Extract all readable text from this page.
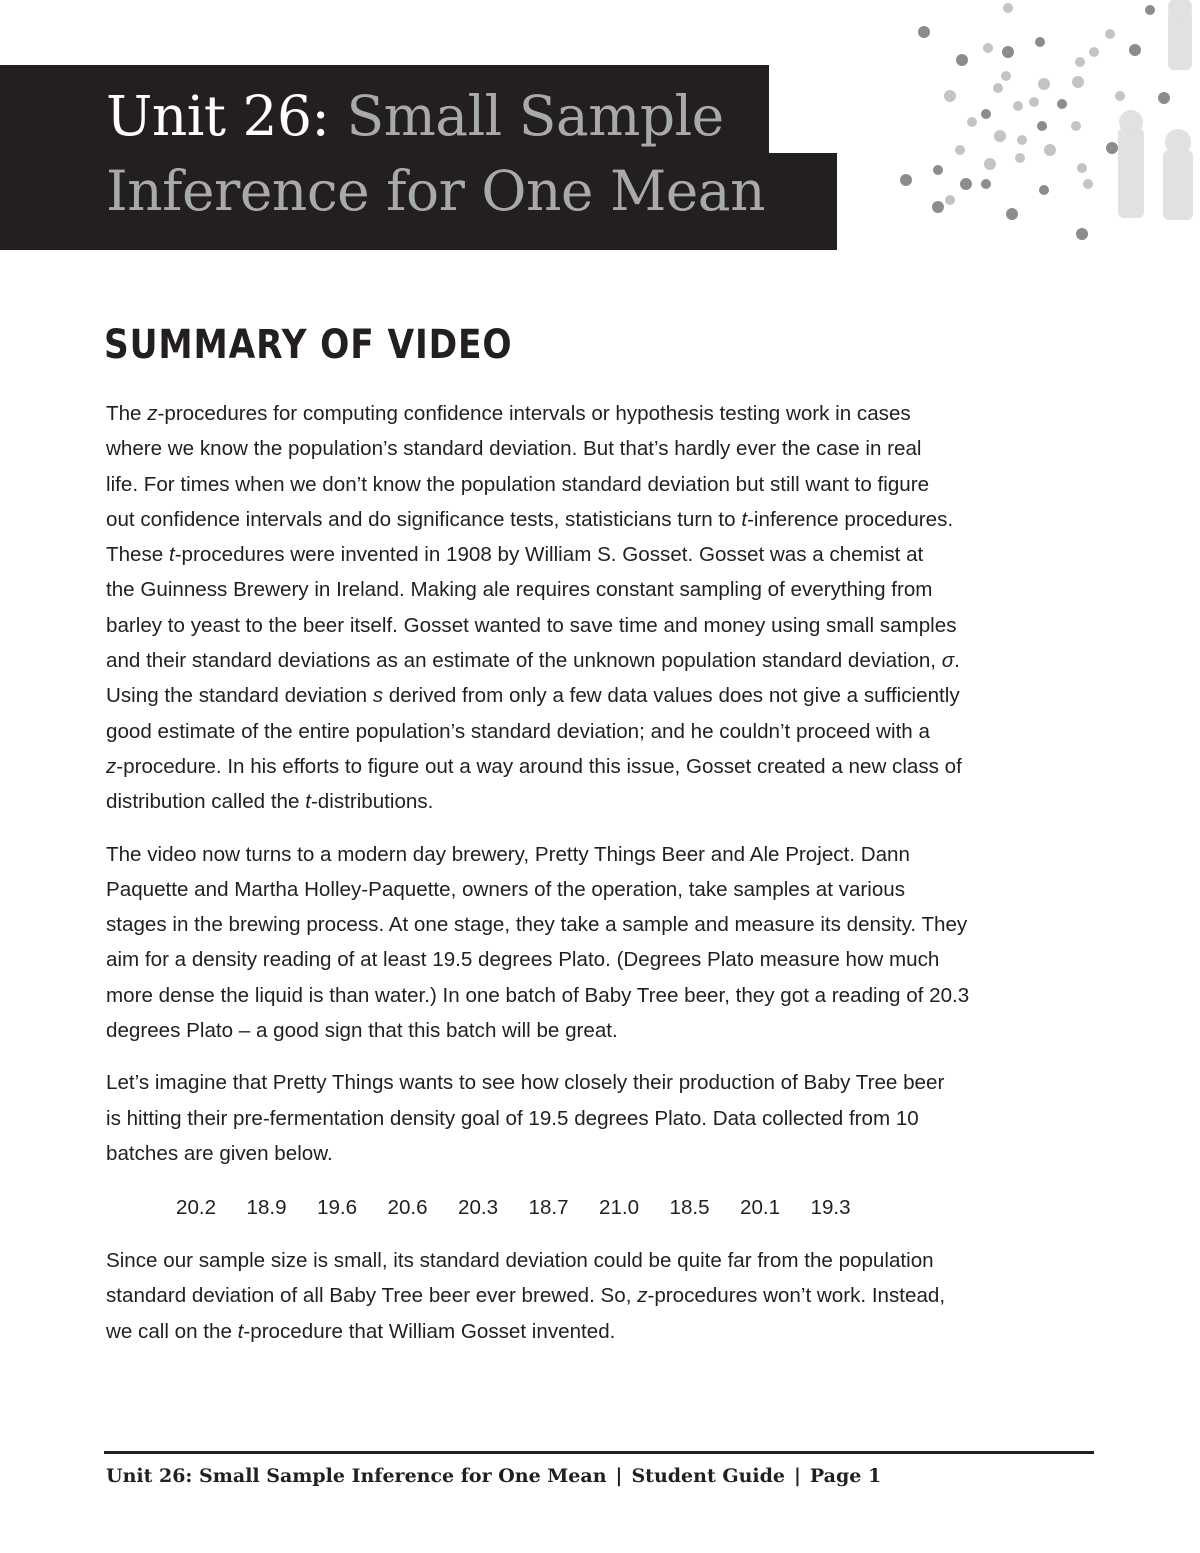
Unit 26: Small Sample
Inference for One Mean
SUMMARY OF VIDEO

The z-procedures for computing confidence intervals or hypothesis testing work in cases
where we know the population’s standard deviation. But that’s hardly ever the case in real
life. For times when we don’t know the population standard deviation but still want to figure
out confidence intervals and do significance tests, statisticians turn to t-inference procedures.
These t-procedures were invented in 1908 by William S. Gosset. Gosset was a chemist at
the Guinness Brewery in Ireland. Making ale requires constant sampling of everything from
barley to yeast to the beer itself. Gosset wanted to save time and money using small samples
and their standard deviations as an estimate of the unknown population standard deviation, σ.
Using the standard deviation s derived from only a few data values does not give a sufficiently
good estimate of the entire population’s standard deviation; and he couldn’t proceed with a
z-procedure. In his efforts to figure out a way around this issue, Gosset created a new class of
distribution called the t-distributions.

The video now turns to a modern day brewery, Pretty Things Beer and Ale Project. Dann
Paquette and Martha Holley-Paquette, owners of the operation, take samples at various
stages in the brewing process. At one stage, they take a sample and measure its density. They
aim for a density reading of at least 19.5 degrees Plato. (Degrees Plato measure how much
more dense the liquid is than water.) In one batch of Baby Tree beer, they got a reading of 20.3
degrees Plato – a good sign that this batch will be great.

Let’s imagine that Pretty Things wants to see how closely their production of Baby Tree beer
is hitting their pre-fermentation density goal of 19.5 degrees Plato. Data collected from 10
batches are given below.

20.2	18.9	19.6	20.6	20.3	18.7	21.0	18.5	20.1	19.3

Since our sample size is small, its standard deviation could be quite far from the population
standard deviation of all Baby Tree beer ever brewed. So, z-procedures won’t work. Instead,
we call on the t-procedure that William Gosset invented.

Unit 26: Small Sample Inference for One Mean | Student Guide | Page 1
